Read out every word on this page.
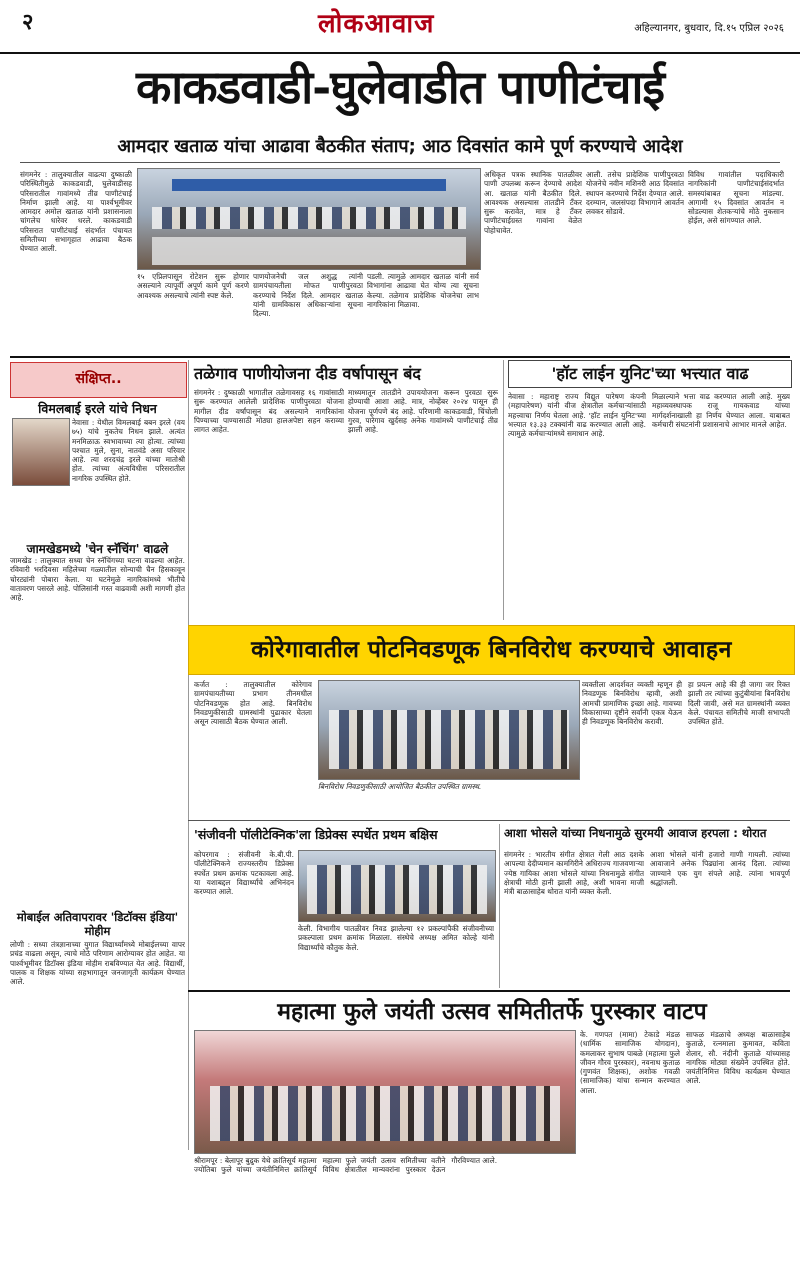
२	लोकआवाज	अहिल्यानगर, बुधवार, दि.१५ एप्रिल २०२६
काकडवाडी-घुलेवाडीत पाणीटंचाई
आमदार खताळ यांचा आढावा बैठकीत संताप; आठ दिवसांत कामे पूर्ण करण्याचे आदेश
संगमनेर : तालुक्यातील वाढत्या दुष्काळी परिस्थितीमुळे काकडवाडी, घुलेवाडीसह परिसरातील गावांमध्ये तीव्र पाणीटंचाई निर्माण झाली आहे. या पार्श्वभूमीवर आमदार अमोल खताळ यांनी प्रशासनाला चांगलेच धारेवर धरले. काकडवाडी परिसरात पाणीटंचाई संदर्भात पंचायत समितीच्या सभागृहात आढावा बैठक घेण्यात आली.
१५ एप्रिलपासून रोटेशन सुरू होणार असल्याने त्यापूर्वी अपूर्ण कामे पूर्ण करणे आवश्यक असल्याचे त्यांनी स्पष्ट केले.
पाणयोजनेची जल अशुद्ध त्यांनी ग्रामपंचायतीला मोफत पाणीपुरवठा करण्याचे निर्देश दिले. आमदार खताळ यांनी ग्रामविकास अधिकाऱ्यांना सूचना दिल्या.
पडली. त्यामुळे आमदार खताळ यांनी सर्व विभागांना आढावा घेत योग्य त्या सूचना केल्या. तळेगाव प्रादेशिक योजनेचा लाभ नागरिकांना मिळावा.
अधिकृत पत्रक स्थानिक पातळीवर पाणी उपलब्ध करून देण्याचे आदेश आ. खताळ यांनी बैठकीत दिले. आवश्यक असल्यास तातडीने टँकर सुरू करावेत, मात्र हे टँकर पाणीटंचाईग्रस्त गावांना वेळेत पोहोचावेत.
आली. तसेच प्रादेशिक पाणीपुरवठा योजनेचे नवीन मशिनरी आठ दिवसांत स्थापन करण्याचे निर्देश देण्यात आले. दरम्यान, जलसंपदा विभागाने आवर्तन लवकर सोडावे.
विविध गावांतील पदाधिकारी नागरिकांनी पाणीटंचाईसंदर्भात समस्यांबाबत सूचना मांडल्या. आगामी १५ दिवसांत आवर्तन न सोडल्यास शेतकऱ्यांचे मोठे नुकसान होईल, असे सांगण्यात आले.
संक्षिप्त..
विमलबाई इरले यांचे निधन
नेवासा : येथील विमलबाई बबन इरले (वय ७५) यांचे नुकतेच निधन झाले. अत्यंत मनमिळाऊ स्वभावाच्या त्या होत्या. त्यांच्या पश्चात मुले, सुना, नातवंडे असा परिवार आहे. त्या शरदचंद्र इरले यांच्या मातोश्री होत. त्यांच्या अंत्यविधीस परिसरातील नागरिक उपस्थित होते.
जामखेडमध्ये 'चेन स्नॅचिंग' वाढले
जामखेड : तालुक्यात सध्या चेन स्नॅचिंगच्या घटना वाढल्या आहेत. रविवारी भरदिवसा महिलेच्या गळ्यातील सोन्याची चैन हिसकावून चोरट्यांनी पोबारा केला. या घटनेमुळे नागरिकांमध्ये भीतीचे वातावरण पसरले आहे. पोलिसांनी गस्त वाढवावी अशी मागणी होत आहे.
मोबाईल अतिवापरावर 'डिटॉक्स इंडिया' मोहीम
लोणी : सध्या तंत्रज्ञानाच्या युगात विद्यार्थ्यांमध्ये मोबाईलच्या वापर प्रचंड वाढला असून, त्याचे मोठे परिणाम आरोग्यावर होत आहेत. या पार्श्वभूमीवर डिटॉक्स इंडिया मोहीम राबविण्यात येत आहे. विद्यार्थी, पालक व शिक्षक यांच्या सहभागातून जनजागृती कार्यक्रम घेण्यात आले.
तळेगाव पाणीयोजना दीड वर्षापासून बंद
संगमनेर : दुष्काळी भागातील तळेगावसह १६ गावांसाठी सुरू करण्यात आलेली प्रादेशिक पाणीपुरवठा योजना मागील दीड वर्षांपासून बंद असल्याने नागरिकांना पिण्याच्या पाण्यासाठी मोठ्या हालअपेष्टा सहन कराव्या लागत आहेत.
माध्यमातून तातडीने उपाययोजना करून पुरवठा सुरू होण्याची आशा आहे. मात्र, नोव्हेंबर २०२४ पासून ही योजना पूर्णपणे बंद आहे. परिणामी काकडवाडी, चिंचोली गुरव, पारेगाव खुर्दसह अनेक गावांमध्ये पाणीटंचाई तीव्र झाली आहे.
'हॉट लाईन युनिट'च्या भत्त्यात वाढ
नेवासा : महाराष्ट्र राज्य विद्युत पारेषण कंपनी (महापारेषण) यांनी वीज क्षेत्रातील कर्मचाऱ्यांसाठी महत्त्वाचा निर्णय घेतला आहे. 'हॉट लाईन युनिट'च्या भत्त्यात १३.३३ टक्क्यांनी वाढ करण्यात आली आहे. त्यामुळे कर्मचाऱ्यांमध्ये समाधान आहे.
मिळाल्याने भत्ता वाढ करण्यात आली आहे. मुख्य महाव्यवस्थापक राजू गायकवाड यांच्या मार्गदर्शनाखाली हा निर्णय घेण्यात आला. याबाबत कर्मचारी संघटनांनी प्रशासनाचे आभार मानले आहेत.
कोरेगावातील पोटनिवडणूक बिनविरोध करण्याचे आवाहन
कर्जत : तालुक्यातील कोरेगाव ग्रामपंचायतीच्या प्रभाग तीनमधील पोटनिवडणूक होत आहे. बिनविरोध निवडणुकीसाठी ग्रामस्थांनी पुढाकार घेतला असून त्यासाठी बैठक घेण्यात आली.
बिनविरोध निवडणुकीसाठी आयोजित बैठकीत उपस्थित ग्रामस्थ.
व्यक्तीला आदर्शवत व्यक्ती म्हणून ही निवडणूक बिनविरोध व्हावी, अशी आमची प्रामाणिक इच्छा आहे. गावच्या विकासाच्या दृष्टीने सर्वांनी एकत्र येऊन ही निवडणूक बिनविरोध करावी.
हा प्रयत्न आहे की ही जागा जर रिक्त झाली तर त्यांच्या कुटुंबीयांना बिनविरोध दिली जावी, असे मत ग्रामस्थांनी व्यक्त केले. पंचायत समितीचे माजी सभापती उपस्थित होते.
'संजीवनी पॉलीटेक्निक'ला डिप्रेक्स स्पर्धेत प्रथम बक्षिस
कोपरगाव : संजीवनी के.बी.पी. पॉलीटेक्निकने राज्यस्तरीय डिप्रेक्स स्पर्धेत प्रथम क्रमांक पटकावला आहे. या यशाबद्दल विद्यार्थ्यांचे अभिनंदन करण्यात आले.
केली. विभागीय पातळीवर निवड झालेल्या १२ प्रकल्पांपैकी संजीवनीच्या प्रकल्पाला प्रथम क्रमांक मिळाला. संस्थेचे अध्यक्ष अमित कोल्हे यांनी विद्यार्थ्यांचे कौतुक केले.
आशा भोसले यांच्या निधनामुळे सुरमयी आवाज हरपला : थोरात
संगमनेर : भारतीय संगीत क्षेत्रात गेली आठ दशके आपल्या देदीप्यमान कामगिरीने अधिराज्य गाजवणाऱ्या ज्येष्ठ गायिका आशा भोसले यांच्या निधनामुळे संगीत क्षेत्राची मोठी हानी झाली आहे, अशी भावना माजी मंत्री बाळासाहेब थोरात यांनी व्यक्त केली.
आशा भोसले यांनी हजारो गाणी गायली. त्यांच्या आवाजाने अनेक पिढ्यांना आनंद दिला. त्यांच्या जाण्याने एक युग संपले आहे. त्यांना भावपूर्ण श्रद्धांजली.
महात्मा फुले जयंती उत्सव समितीतर्फे पुरस्कार वाटप
श्रीरामपूर : बेलापूर बुद्रुक येथे क्रांतिसूर्य महात्मा ज्योतिबा फुले यांच्या जयंतीनिमित्त क्रांतिसूर्य महात्मा फुले जयंती उत्सव समितीच्या वतीने विविध क्षेत्रातील मान्यवरांना पुरस्कार देऊन गौरविण्यात आले.
के. गणपत (मामा) टेकाडे मंडळ (धार्मिक सामाजिक योगदान), कमलाकर सुभाष पाबळे (महात्मा फुले जीवन गौरव पुरस्कार), नवनाथ कुताळ (गुणवंत शिक्षक), अशोक गवळी (सामाजिक) यांचा सन्मान करण्यात आला.
साफळ मंडळाचे अध्यक्ष बाळासाहेब कुताळे, रत्नमाला कुमावत, कविता शेलार, सौ. नंदीनी कुताळे यांच्यासह नागरिक मोठ्या संख्येने उपस्थित होते. जयंतीनिमित्त विविध कार्यक्रम घेण्यात आले.
